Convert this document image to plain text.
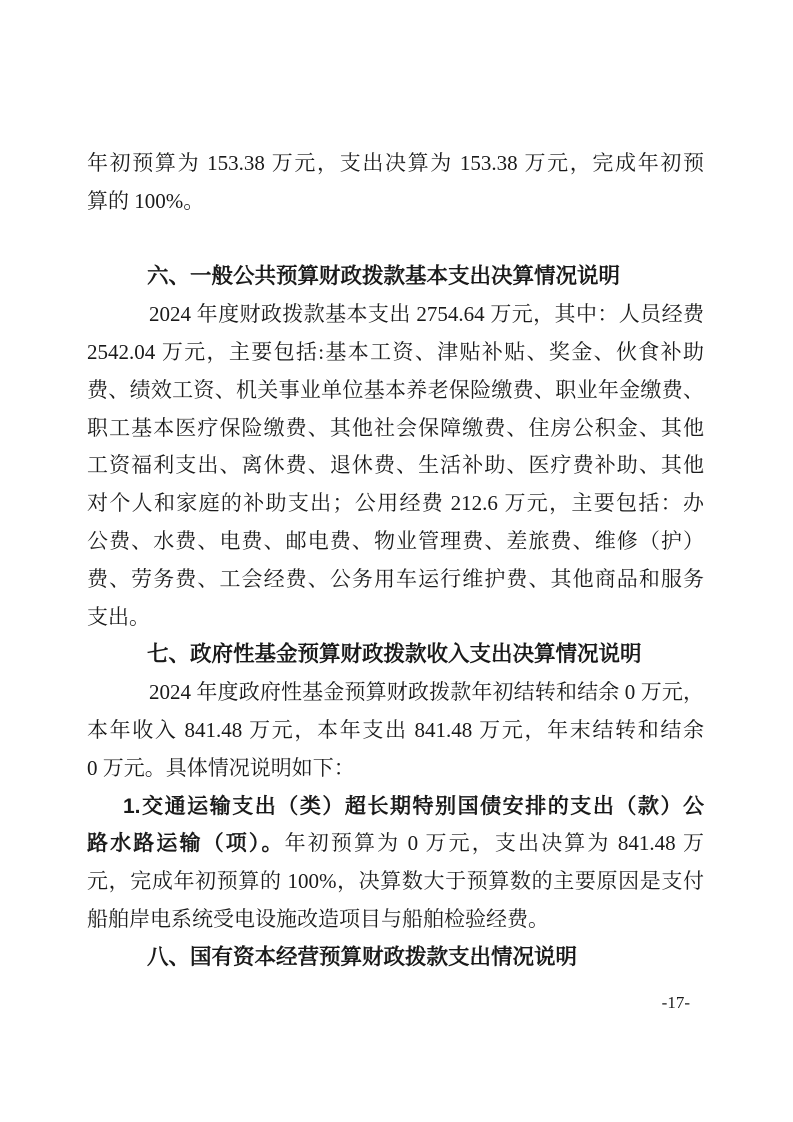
年初预算为 153.38 万元，支出决算为 153.38 万元，完成年初预
算的 100%。
六、一般公共预算财政拨款基本支出决算情况说明
2024 年度财政拨款基本支出 2754.64 万元，其中：人员经费
2542.04 万元，主要包括:基本工资、津贴补贴、奖金、伙食补助
费、绩效工资、机关事业单位基本养老保险缴费、职业年金缴费、
职工基本医疗保险缴费、其他社会保障缴费、住房公积金、其他
工资福利支出、离休费、退休费、生活补助、医疗费补助、其他
对个人和家庭的补助支出；公用经费 212.6 万元，主要包括：办
公费、水费、电费、邮电费、物业管理费、差旅费、维修（护）
费、劳务费、工会经费、公务用车运行维护费、其他商品和服务
支出。
七、政府性基金预算财政拨款收入支出决算情况说明
2024 年度政府性基金预算财政拨款年初结转和结余 0 万元，
本年收入 841.48 万元，本年支出 841.48 万元，年末结转和结余
0 万元。具体情况说明如下：
1.交通运输支出（类）超长期特别国债安排的支出（款）公
路水路运输（项）。年初预算为 0 万元，支出决算为 841.48 万
元，完成年初预算的 100%，决算数大于预算数的主要原因是支付
船舶岸电系统受电设施改造项目与船舶检验经费。
八、国有资本经营预算财政拨款支出情况说明
-17-
